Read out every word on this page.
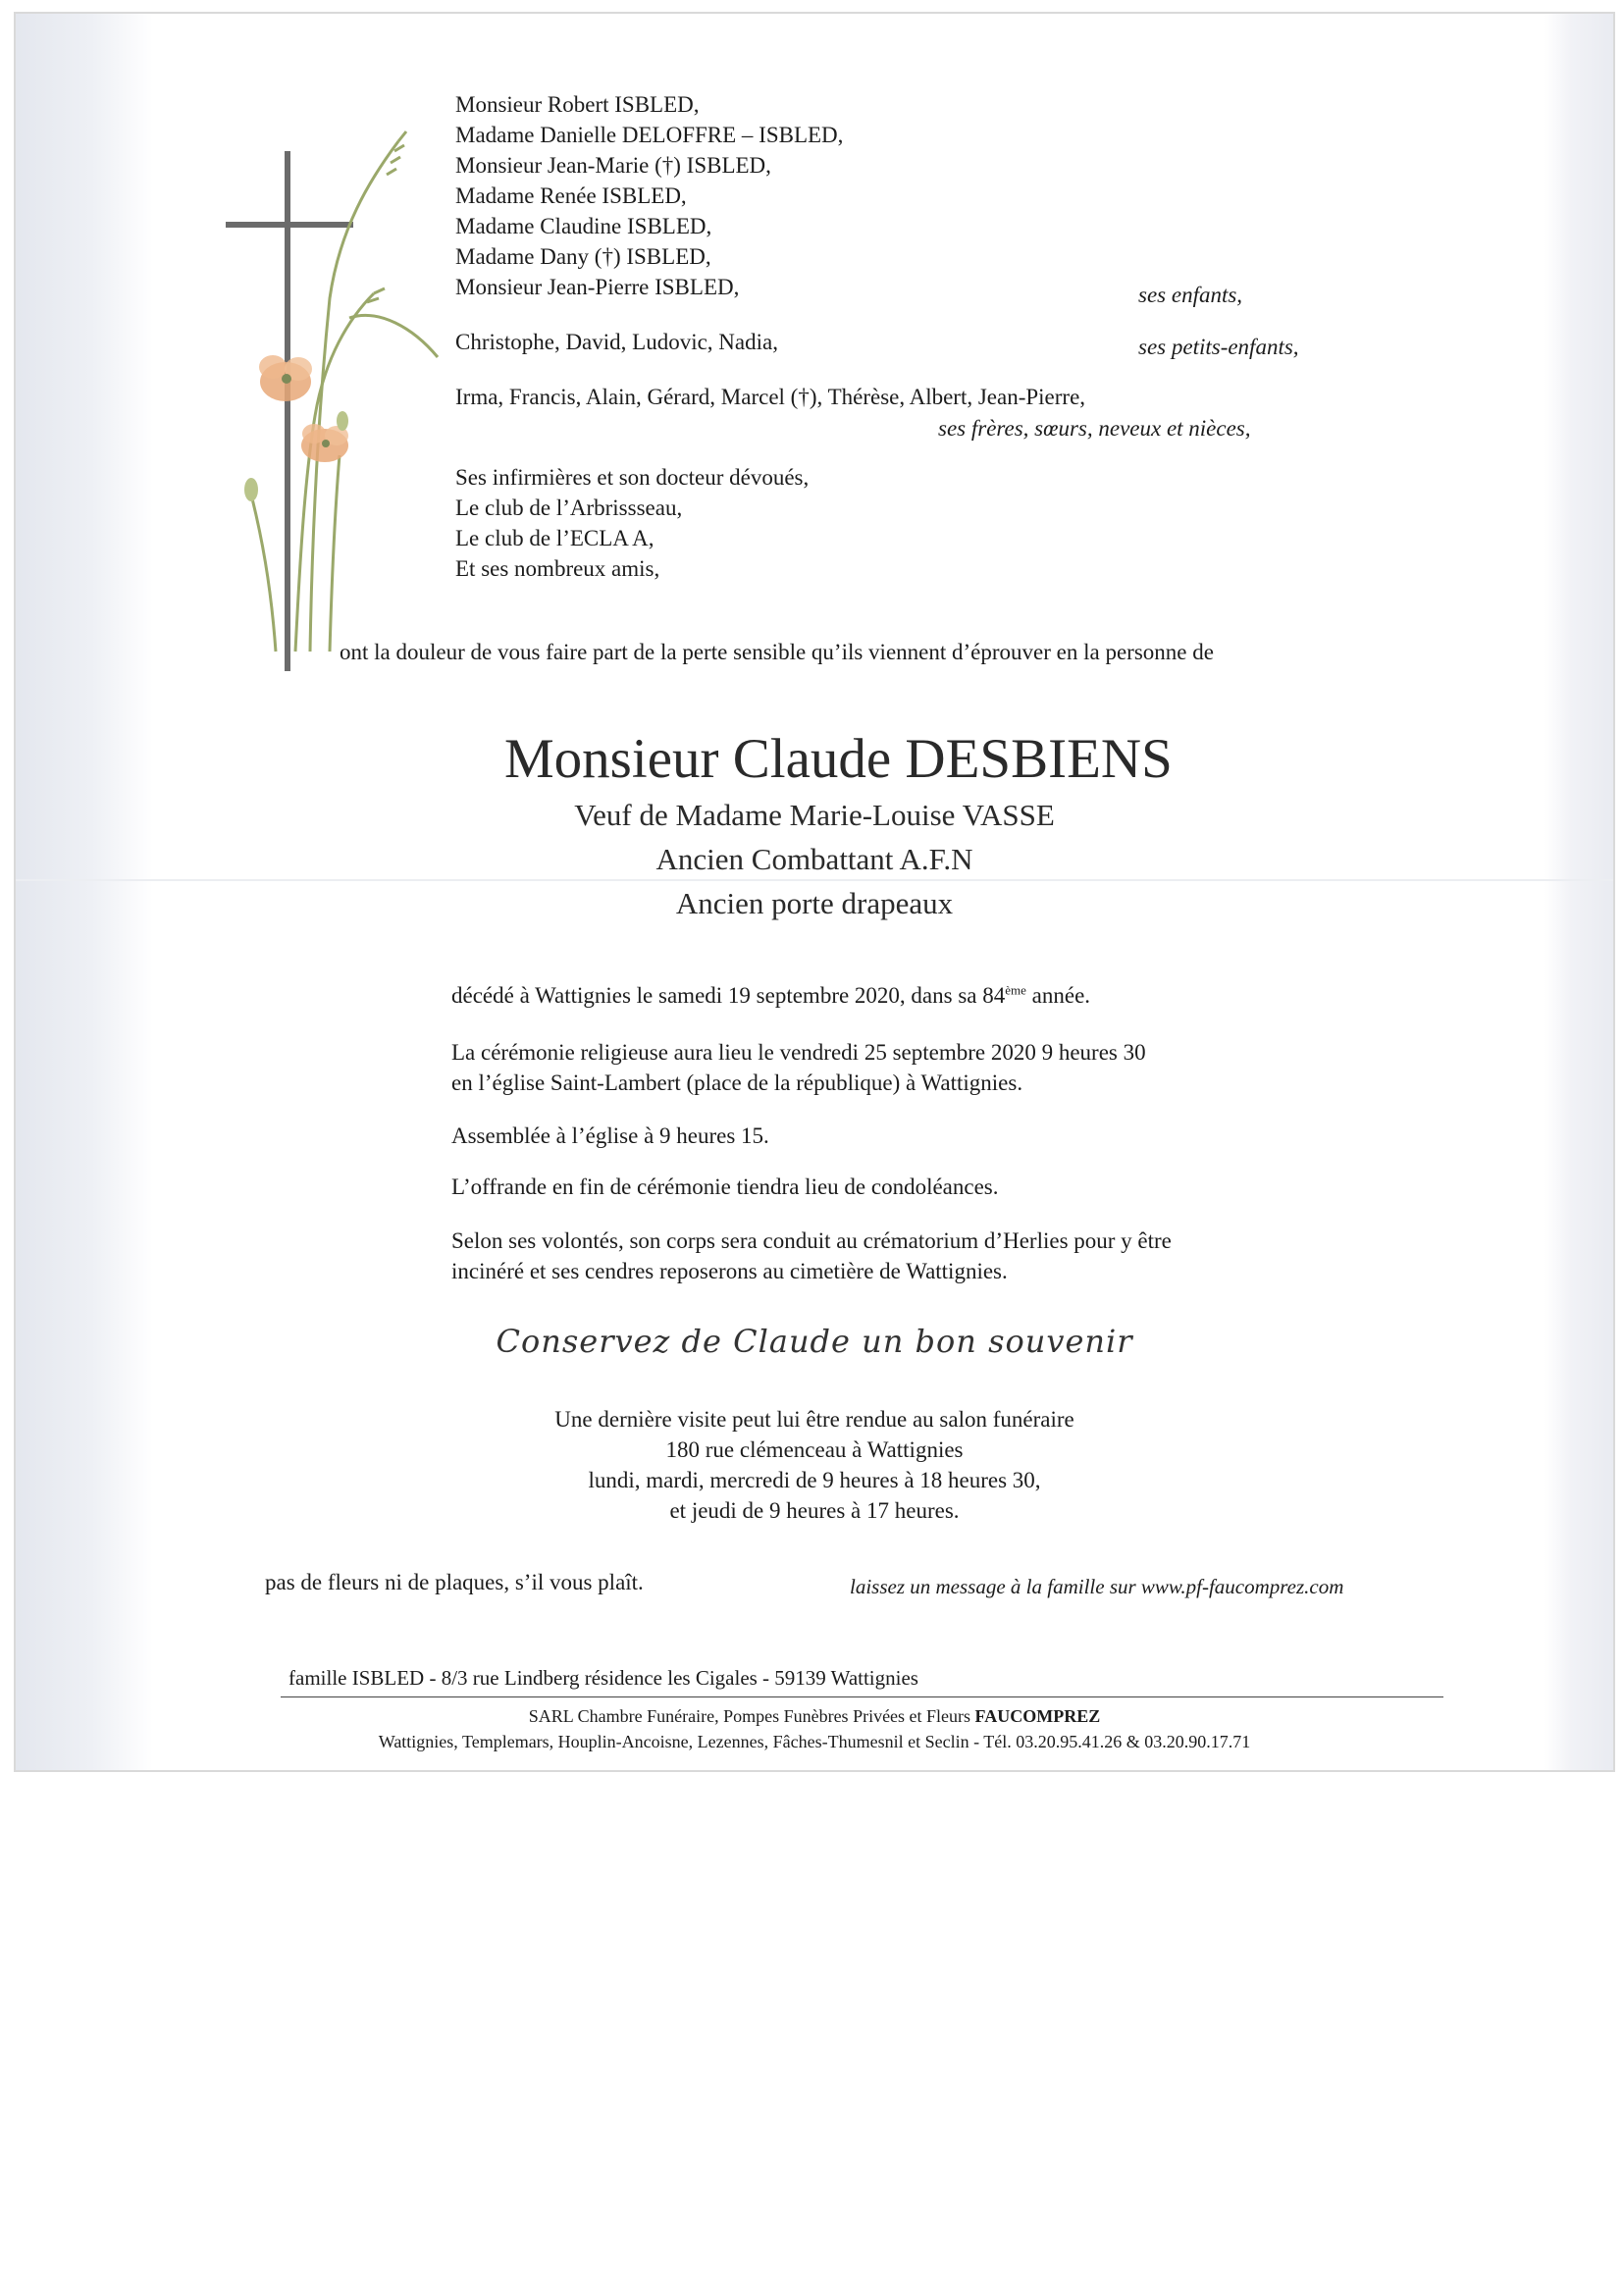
Monsieur Robert ISBLED,
Madame Danielle DELOFFRE – ISBLED,
Monsieur Jean-Marie (†) ISBLED,
Madame Renée ISBLED,
Madame Claudine ISBLED,
Madame Dany (†) ISBLED,
Monsieur Jean-Pierre ISBLED,	ses enfants,
Christophe, David, Ludovic, Nadia,	ses petits-enfants,
Irma, Francis, Alain, Gérard, Marcel (†), Thérèse, Albert, Jean-Pierre,
ses frères, sœurs, neveux et nièces,
Ses infirmières et son docteur dévoués,
Le club de l’Arbrissseau,
Le club de l’ECLA A,
Et ses nombreux amis,
ont la douleur de vous faire part de la perte sensible qu’ils viennent d’éprouver en la personne de
Monsieur Claude DESBIENS
Veuf de Madame Marie-Louise VASSE
Ancien Combattant A.F.N
Ancien porte drapeaux
décédé à Wattignies le samedi 19 septembre 2020, dans sa 84ème année.
La cérémonie religieuse aura lieu le vendredi 25 septembre 2020 9 heures 30
en l’église Saint-Lambert (place de la république) à Wattignies.
Assemblée à l’église à 9 heures 15.
L’offrande en fin de cérémonie tiendra lieu de condoléances.
Selon ses volontés, son corps sera conduit au crématorium d’Herlies pour y être
incinéré et ses cendres reposerons au cimetière de Wattignies.
Conservez de Claude un bon souvenir
Une dernière visite peut lui être rendue au salon funéraire
180 rue clémenceau à Wattignies
lundi, mardi, mercredi de 9 heures à 18 heures 30,
et jeudi de 9 heures à 17 heures.
pas de fleurs ni de plaques, s’il vous plaît.	laissez un message à la famille sur www.pf-faucomprez.com
famille ISBLED - 8/3 rue Lindberg résidence les Cigales - 59139 Wattignies
SARL Chambre Funéraire, Pompes Funèbres Privées et Fleurs FAUCOMPREZ
Wattignies, Templemars, Houplin-Ancoisne, Lezennes, Fâches-Thumesnil et Seclin - Tél. 03.20.95.41.26 & 03.20.90.17.71
